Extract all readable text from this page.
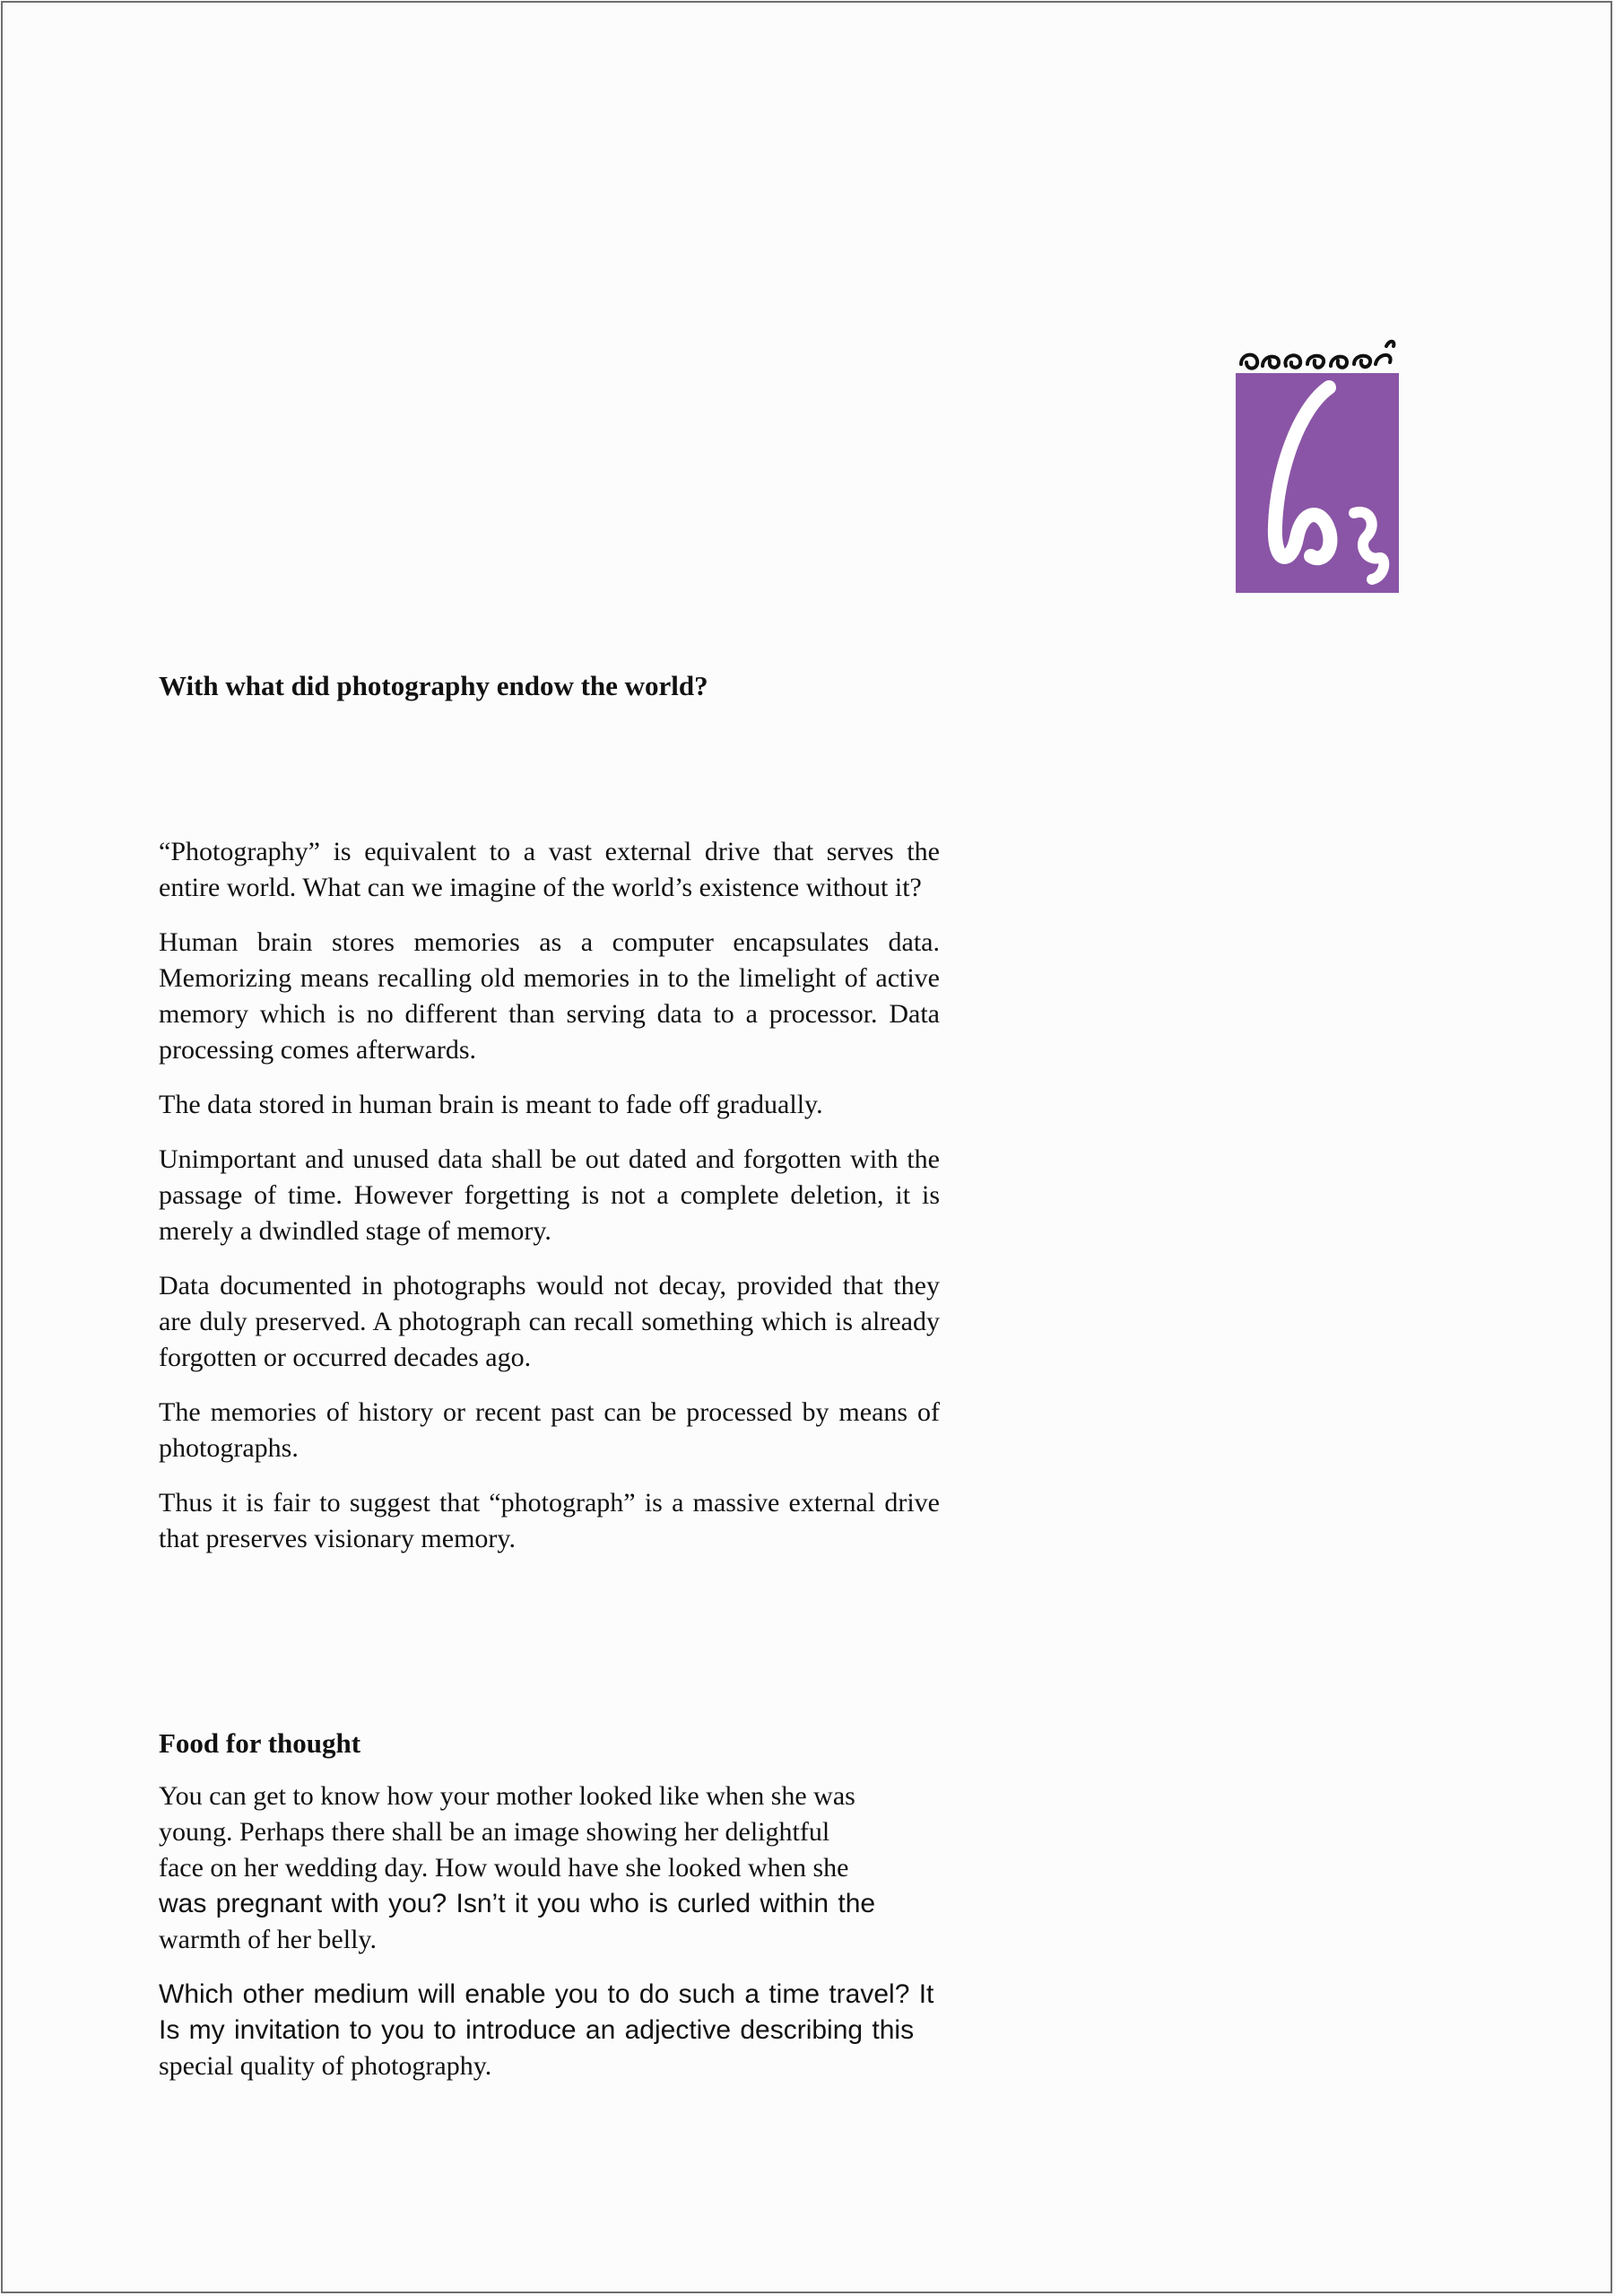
With what did photography endow the world?

“Photography” is equivalent to a vast external drive that serves the entire world. What can we imagine of the world’s existence without it?

Human brain stores memories as a computer encapsulates data. Memorizing means recalling old memories in to the limelight of active memory which is no different than serving data to a processor. Data processing comes afterwards.

The data stored in human brain is meant to fade off gradually.

Unimportant and unused data shall be out dated and forgotten with the passage of time. However forgetting is not a complete deletion, it is merely a dwindled stage of memory.

Data documented in photographs would not decay, provided that they are duly preserved. A photograph can recall something which is already forgotten or occurred decades ago.

The memories of history or recent past can be processed by means of photographs.

Thus it is fair to suggest that “photograph” is a massive external drive that preserves visionary memory.

Food for thought
You can get to know how your mother looked like when she was
young. Perhaps there shall be an image showing her delightful
face on her wedding day. How would have she looked when she
was pregnant with you? Isn’t it you who is curled within the
warmth of her belly.
Which other medium will enable you to do such a time travel? It
Is my invitation to you to introduce an adjective describing this
special quality of photography.
